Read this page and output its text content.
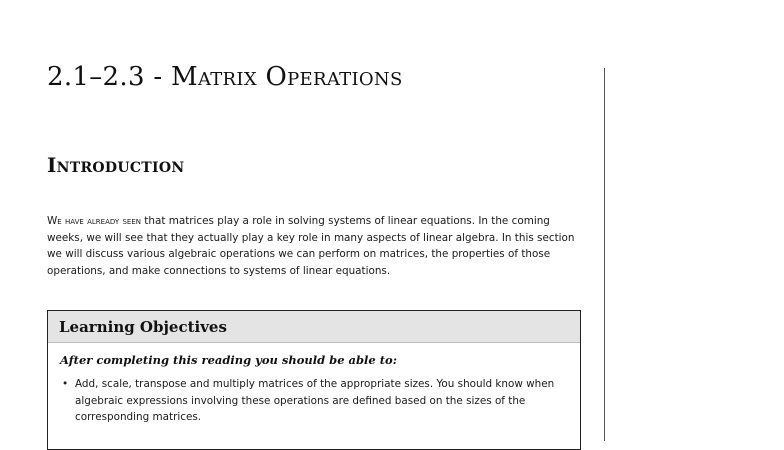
2.1–2.3 - Matrix Operations
Introduction

We have already seen that matrices play a role in solving systems of linear equations. In the coming weeks, we will see that they actually play a key role in many aspects of linear algebra. In this section we will discuss various algebraic operations we can perform on matrices, the properties of those operations, and make connections to systems of linear equations.

Learning Objectives

After completing this reading you should be able to:

• Add, scale, transpose and multiply matrices of the appropriate sizes. You should know when algebraic expressions involving these operations are defined based on the sizes of the corresponding matrices.
